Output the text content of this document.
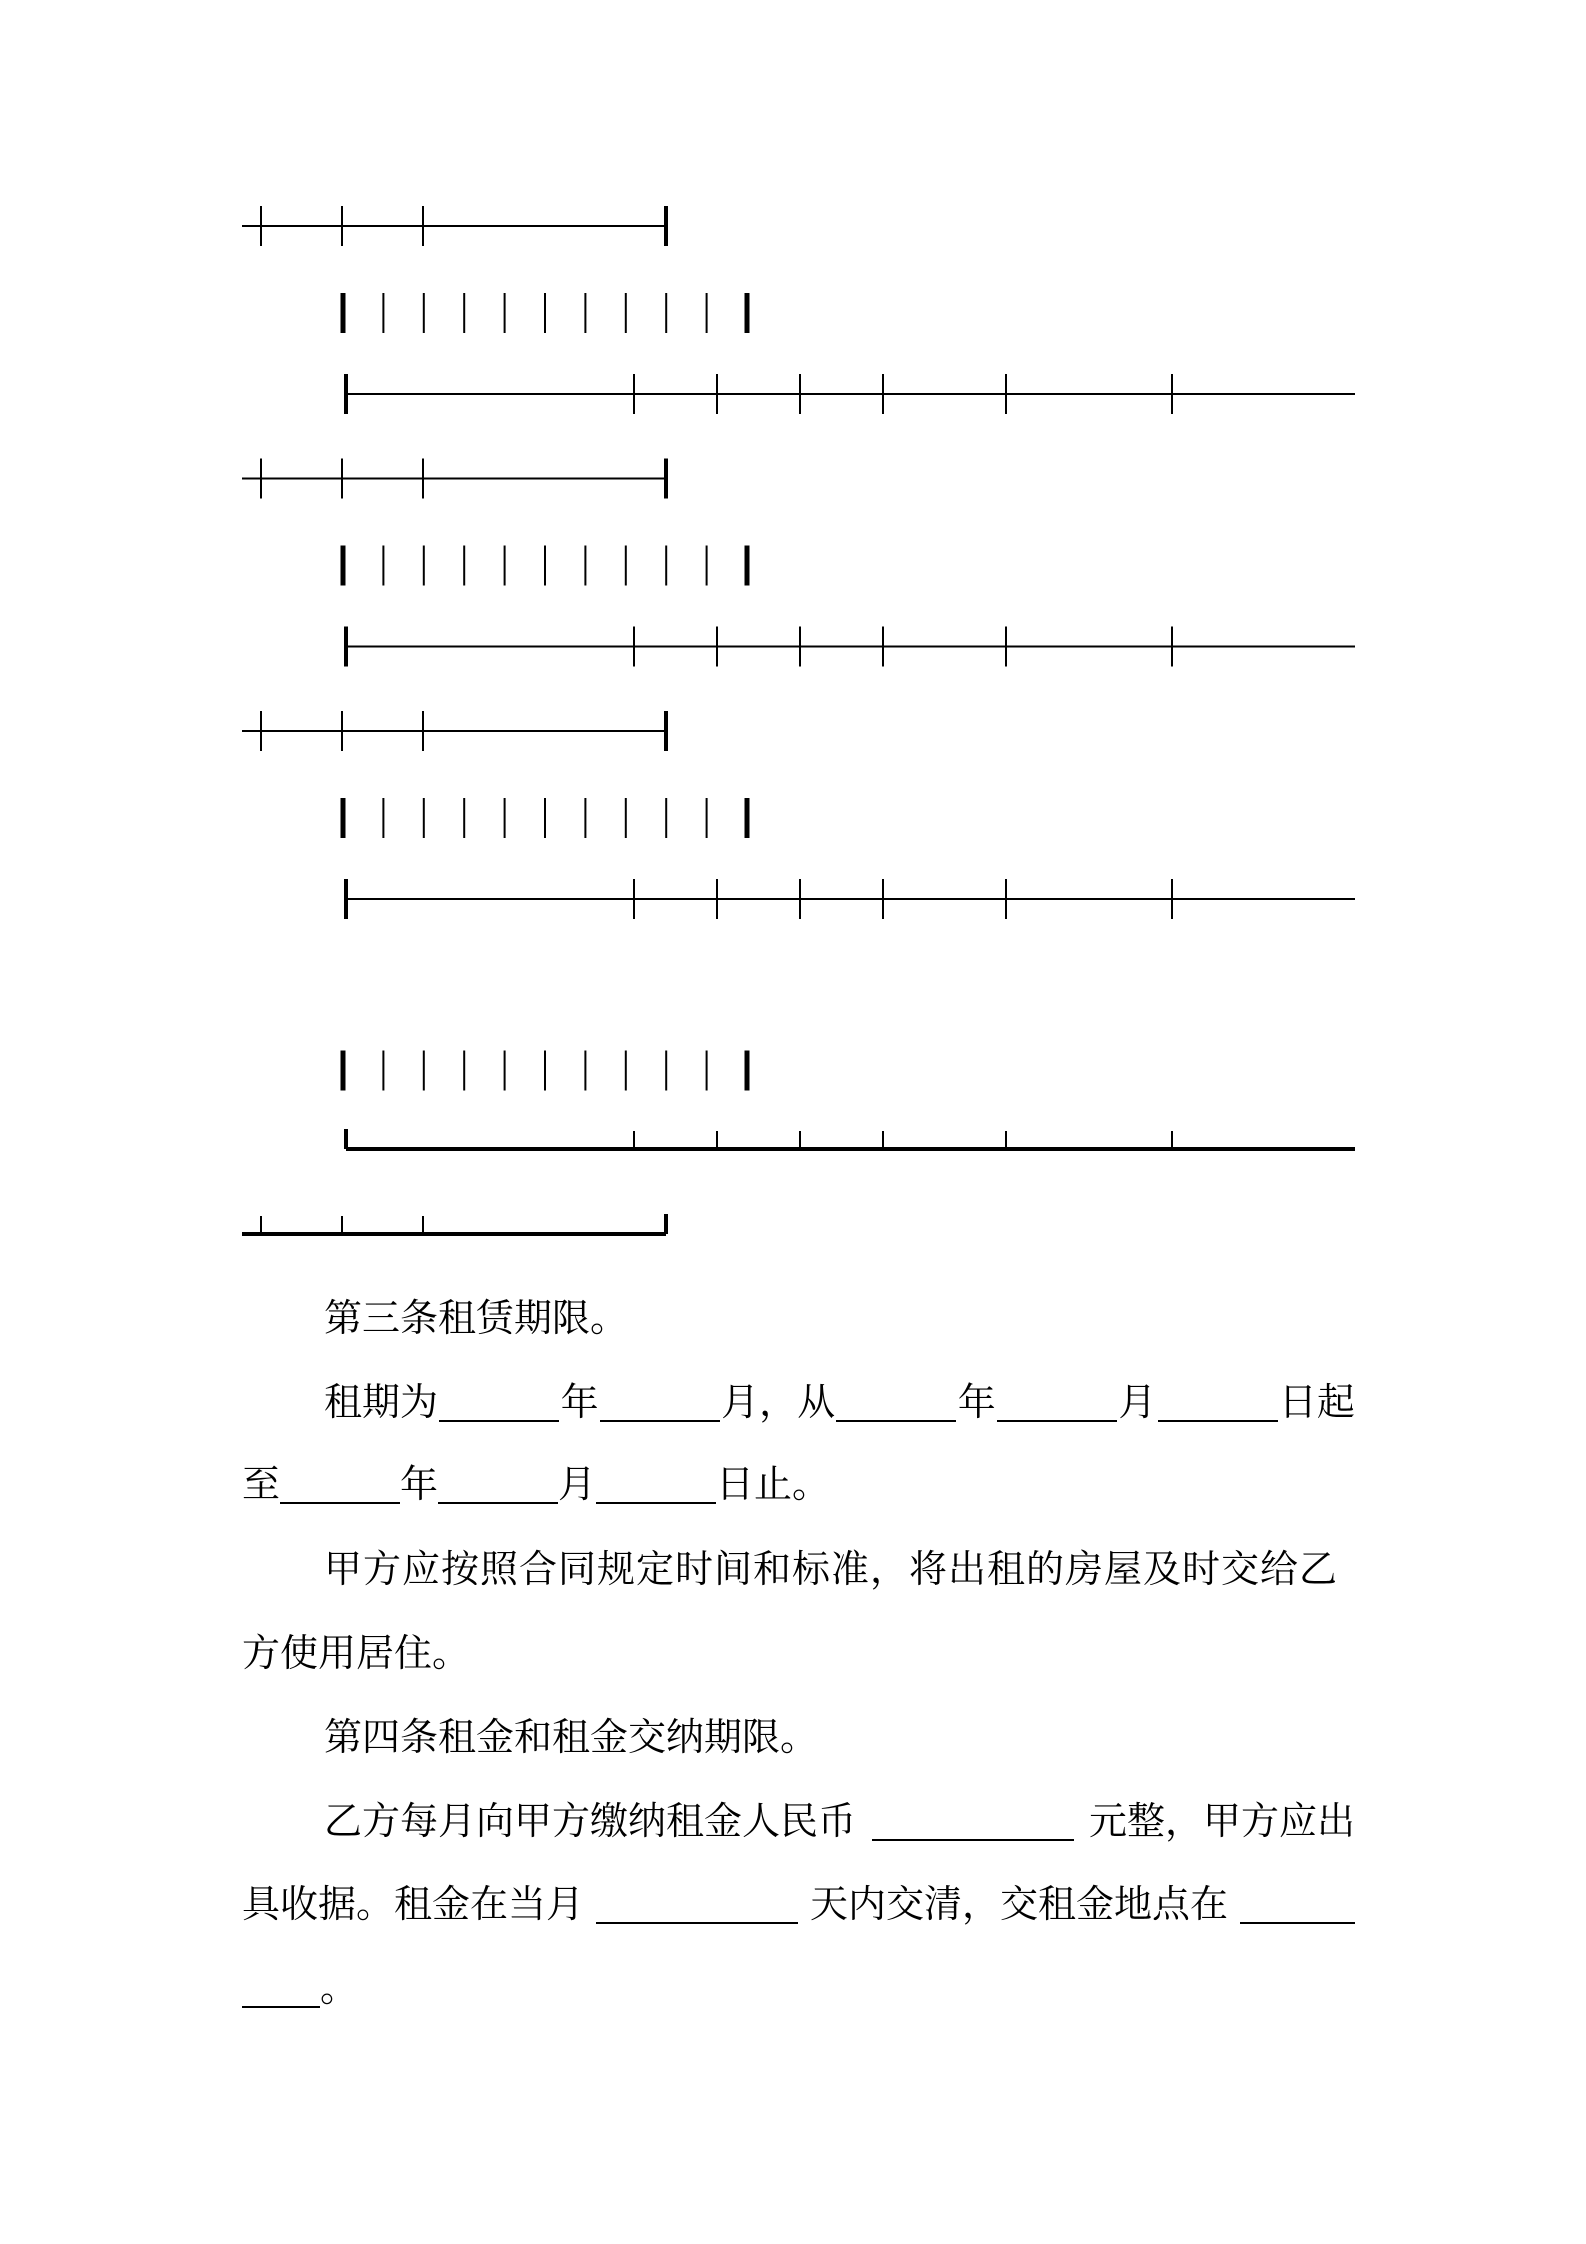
第三条租赁期限。
租期为	年	月，从	年	月	日起
至	年	月	日止。
甲方应按照合同规定时间和标准，将出租的房屋及时交给乙
方使用居住。
第四条租金和租金交纳期限。
乙方每月向甲方缴纳租金人民币	元整，甲方应出
具收据。租金在当月	天内交清，交租金地点在
。
